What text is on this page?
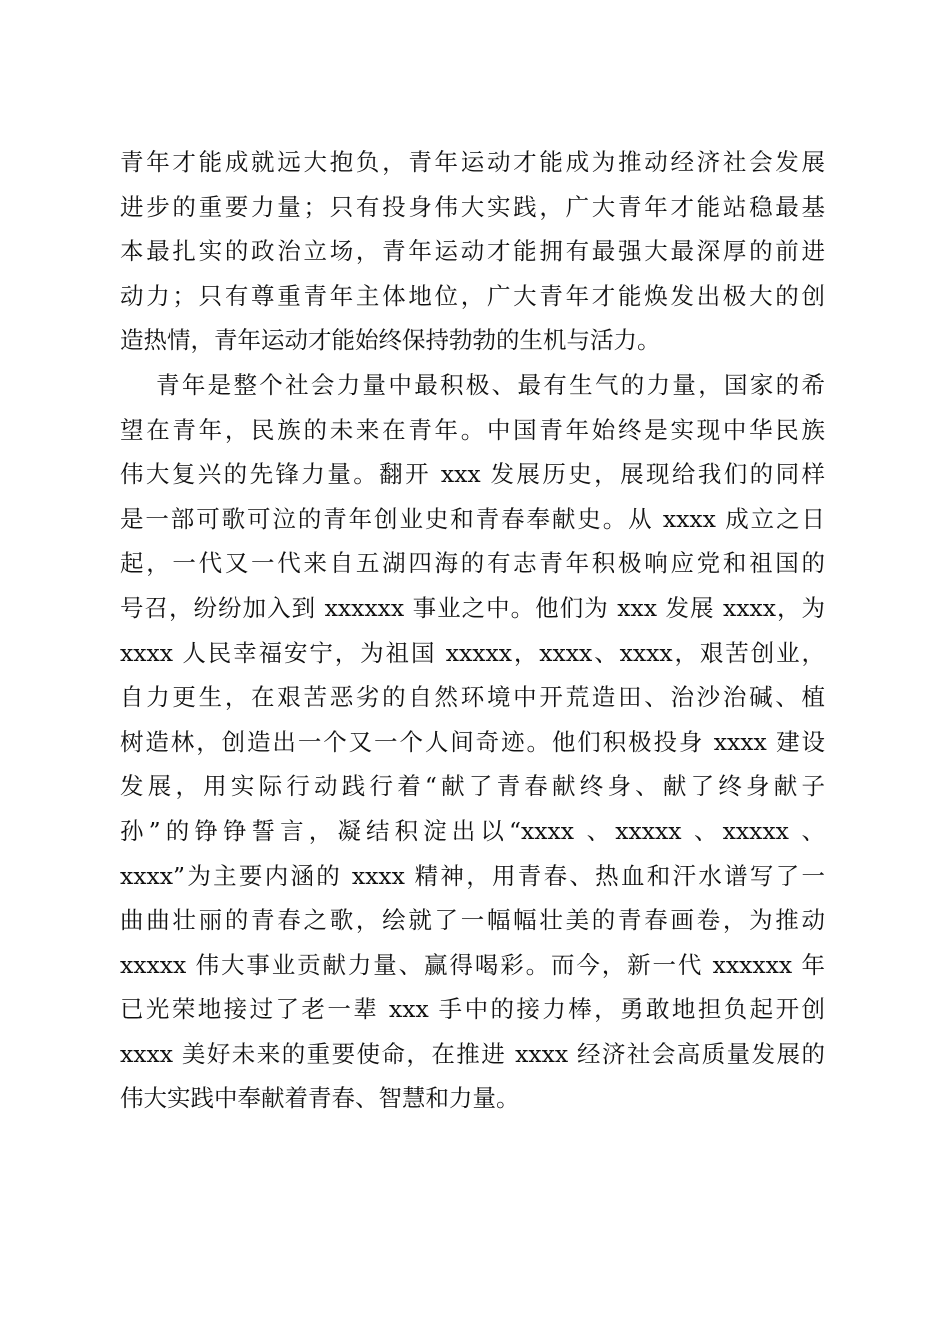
青年才能成就远大抱负，青年运动才能成为推动经济社会发展
进步的重要力量；只有投身伟大实践，广大青年才能站稳最基
本最扎实的政治立场，青年运动才能拥有最强大最深厚的前进
动力；只有尊重青年主体地位，广大青年才能焕发出极大的创
造热情，青年运动才能始终保持勃勃的生机与活力。
青年是整个社会力量中最积极、最有生气的力量，国家的希
望在青年，民族的未来在青年。中国青年始终是实现中华民族
伟大复兴的先锋力量。翻开 xxx 发展历史，展现给我们的同样
是一部可歌可泣的青年创业史和青春奉献史。从 xxxx 成立之日
起，一代又一代来自五湖四海的有志青年积极响应党和祖国的
号召，纷纷加入到 xxxxxx 事业之中。他们为 xxx 发展 xxxx，为
xxxx 人民幸福安宁，为祖国 xxxxx，xxxx、xxxx，艰苦创业，
自力更生，在艰苦恶劣的自然环境中开荒造田、治沙治碱、植
树造林，创造出一个又一个人间奇迹。他们积极投身 xxxx 建设
发展，用实际行动践行着“献了青春献终身、献了终身献子
孙”的铮铮誓言，凝结积淀出以“xxxx 、xxxxx 、xxxxx 、
xxxx”为主要内涵的 xxxx 精神，用青春、热血和汗水谱写了一
曲曲壮丽的青春之歌，绘就了一幅幅壮美的青春画卷，为推动
xxxxx 伟大事业贡献力量、赢得喝彩。而今，新一代 xxxxxx 年
已光荣地接过了老一辈 xxx 手中的接力棒，勇敢地担负起开创
xxxx 美好未来的重要使命，在推进 xxxx 经济社会高质量发展的
伟大实践中奉献着青春、智慧和力量。
